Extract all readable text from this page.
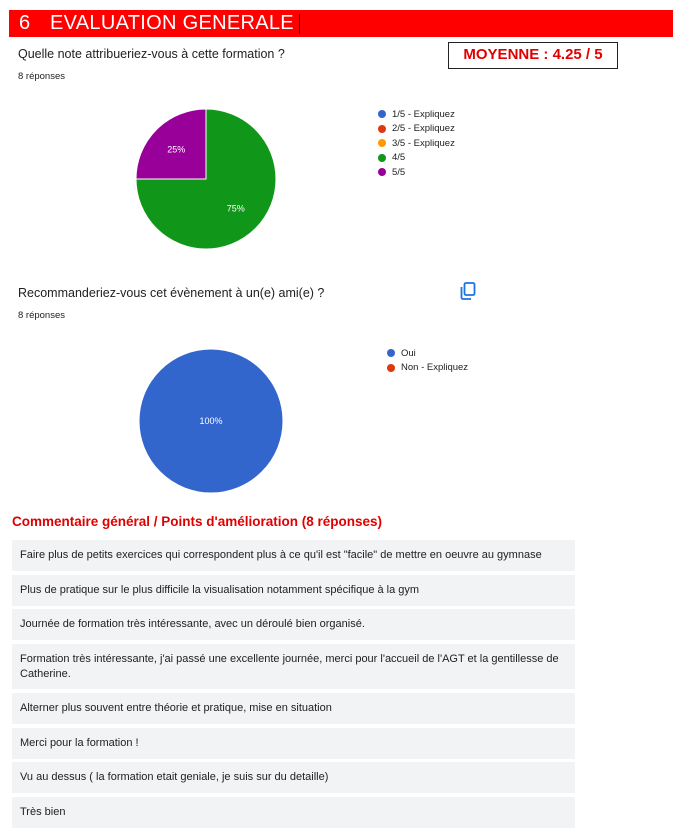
6 EVALUATION GENERALE
MOYENNE : 4.25 / 5
Quelle note attribueriez-vous à cette formation ?
8 réponses
75%
25%
1/5 - Expliquez
2/5 - Expliquez
3/5 - Expliquez
4/5
5/5
Recommanderiez-vous cet évènement à un(e) ami(e) ?
8 réponses
100%
Oui
Non - Expliquez
Commentaire général / Points d'amélioration (8 réponses)
Faire plus de petits exercices qui correspondent plus à ce qu'il est "facile" de mettre en oeuvre au gymnase
Plus de pratique sur le plus difficile la visualisation notamment spécifique à la gym
Journée de formation très intéressante, avec un déroulé bien organisé.
Formation très intéressante, j'ai passé une excellente journée, merci pour l'accueil de l'AGT et la gentillesse de Catherine.
Alterner plus souvent entre théorie et pratique, mise en situation
Merci pour la formation !
Vu au dessus ( la formation etait geniale, je suis sur du detaille)
Très bien
